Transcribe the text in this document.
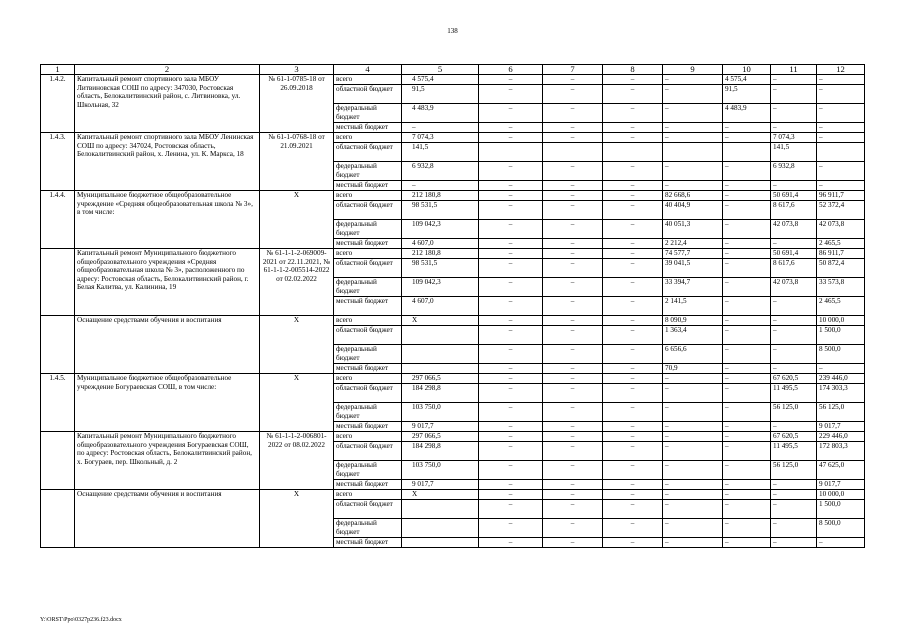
138
1	2	3	4	5	6	7	8	9	10	11	12
1.4.2.	Капитальный ремонт спортивного зала МБОУ Литвиновская СОШ по адресу: 347030, Ростовская область, Белокалитвинский район, с. Литвиновка, ул. Школьная, 32	№ 61-1-0785-18 от 26.09.2018	всего	4 575,4	–	–	–	–	4 575,4	–	–
			областной бюджет	91,5	–	–	–	–	91,5	–	–
			федеральный бюджет	4 483,9	–	–	–	–	4 483,9	–	–
			местный бюджет	–	–	–	–	–	–	–	–
1.4.3.	Капитальный ремонт спортивного зала МБОУ Ленинская СОШ по адресу: 347024, Ростовская область, Белокалитвинский район, х. Ленина, ул. К. Маркса, 18	№ 61-1-0768-18 от 21.09.2021	всего	7 074,3	–	–	–	–	–	7 074,3	–
			областной бюджет	141,5						141,5	
			федеральный бюджет	6 932,8	–	–	–	–	–	6 932,8	–
			местный бюджет	–	–	–	–	–	–	–	–
1.4.4.	Муниципальное бюджетное общеобразовательное учреждение «Средняя общеобразовательная школа № 3», в том числе:	X	всего	212 180,8	–	–	–	82 668,6	–	50 691,4	96 911,7
			областной бюджет	98 531,5	–	–	–	40 404,9	–	8 617,6	52 372,4
			федеральный бюджет	109 042,3	–	–	–	40 051,3	–	42 073,8	42 073,8
			местный бюджет	4 607,0	–	–	–	2 212,4	–	–	2 465,5
	Капитальный ремонт Муниципального бюджетного общеобразовательного учреждения «Средняя общеобразовательная школа № 3», расположенного по адресу: Ростовская область, Белокалитвинский район, г. Белая Калитва, ул. Калинина, 19	№ 61-1-1-2-069009-2021 от 22.11.2021, № 61-1-1-2-005514-2022 от 02.02.2022	всего	212 180,8	–	–	–	74 577,7	–	50 691,4	86 911,7
			областной бюджет	98 531,5	–	–	–	39 041,5	–	8 617,6	50 872,4
			федеральный бюджет	109 042,3	–	–	–	33 394,7	–	42 073,8	33 573,8
			местный бюджет	4 607,0	–	–	–	2 141,5	–	–	2 465,5
	Оснащение средствами обучения и воспитания	X	всего	X	–	–	–	8 090,9	–	–	10 000,0
			областной бюджет		–	–	–	1 363,4	–	–	1 500,0
			федеральный бюджет		–	–	–	6 656,6	–	–	8 500,0
			местный бюджет		–	–	–	70,9	–	–	–
1.4.5.	Муниципальное бюджетное общеобразовательное учреждение Богураевская СОШ, в том числе:	X	всего	297 066,5	–	–	–	–	–	67 620,5	239 446,0
			областной бюджет	184 298,8	–	–	–	–	–	11 495,5	174 303,3
			федеральный бюджет	103 750,0	–	–	–	–	–	56 125,0	56 125,0
			местный бюджет	9 017,7	–	–	–	–	–	–	9 017,7
	Капитальный ремонт Муниципального бюджетного общеобразовательного учреждения Богураевская СОШ, по адресу: Ростовская область, Белокалитвинский район, х. Богураев, пер. Школьный, д. 2	№ 61-1-1-2-006801-2022 от 08.02.2022	всего	297 066,5	–	–	–	–	–	67 620,5	229 446,0
			областной бюджет	184 298,8	–	–	–	–	–	11 495,5	172 803,3
			федеральный бюджет	103 750,0	–	–	–	–	–	56 125,0	47 625,0
			местный бюджет	9 017,7	–	–	–	–	–	–	9 017,7
	Оснащение средствами обучения и воспитания	X	всего	X	–	–	–	–	–	–	10 000,0
			областной бюджет		–	–	–	–	–	–	1 500,0
			федеральный бюджет		–	–	–	–	–	–	8 500,0
			местный бюджет		–	–	–	–	–	–	–
Y:\ORST\Ppo\0327p236.f23.docx
